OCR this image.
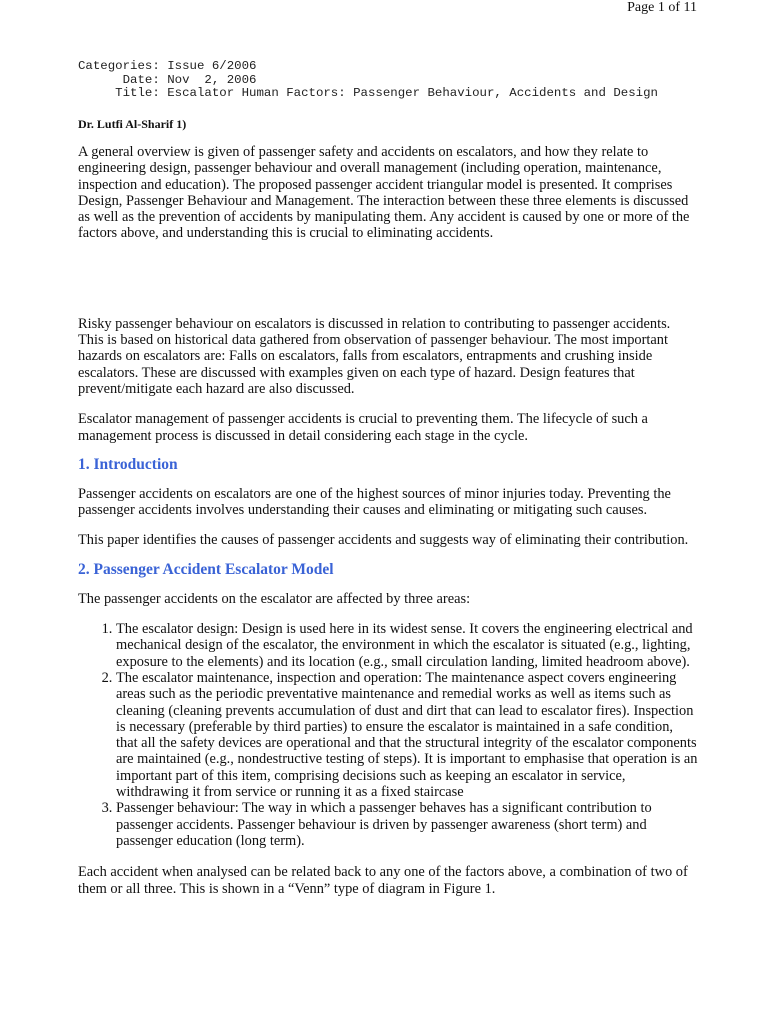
Page 1 of 11
Categories: Issue 6/2006
Date: Nov  2, 2006
Title: Escalator Human Factors: Passenger Behaviour, Accidents and Design
Dr. Lutfi Al-Sharif 1)

A general overview is given of passenger safety and accidents on escalators, and how they relate to engineering design, passenger behaviour and overall management (including operation, maintenance, inspection and education). The proposed passenger accident triangular model is presented. It comprises Design, Passenger Behaviour and Management. The interaction between these three elements is discussed as well as the prevention of accidents by manipulating them. Any accident is caused by one or more of the factors above, and understanding this is crucial to eliminating accidents.

Risky passenger behaviour on escalators is discussed in relation to contributing to passenger accidents. This is based on historical data gathered from observation of passenger behaviour. The most important hazards on escalators are: Falls on escalators, falls from escalators, entrapments and crushing inside escalators. These are discussed with examples given on each type of hazard. Design features that prevent/mitigate each hazard are also discussed.

Escalator management of passenger accidents is crucial to preventing them. The lifecycle of such a management process is discussed in detail considering each stage in the cycle.

1. Introduction

Passenger accidents on escalators are one of the highest sources of minor injuries today. Preventing the passenger accidents involves understanding their causes and eliminating or mitigating such causes.

This paper identifies the causes of passenger accidents and suggests way of eliminating their contribution.

2. Passenger Accident Escalator Model

The passenger accidents on the escalator are affected by three areas:

1. The escalator design: Design is used here in its widest sense. It covers the engineering electrical and mechanical design of the escalator, the environment in which the escalator is situated (e.g., lighting, exposure to the elements) and its location (e.g., small circulation landing, limited headroom above).
2. The escalator maintenance, inspection and operation: The maintenance aspect covers engineering areas such as the periodic preventative maintenance and remedial works as well as items such as cleaning (cleaning prevents accumulation of dust and dirt that can lead to escalator fires). Inspection is necessary (preferable by third parties) to ensure the escalator is maintained in a safe condition, that all the safety devices are operational and that the structural integrity of the escalator components are maintained (e.g., nondestructive testing of steps). It is important to emphasise that operation is an important part of this item, comprising decisions such as keeping an escalator in service, withdrawing it from service or running it as a fixed staircase
3. Passenger behaviour: The way in which a passenger behaves has a significant contribution to passenger accidents. Passenger behaviour is driven by passenger awareness (short term) and passenger education (long term).

Each accident when analysed can be related back to any one of the factors above, a combination of two of them or all three. This is shown in a “Venn” type of diagram in Figure 1.
